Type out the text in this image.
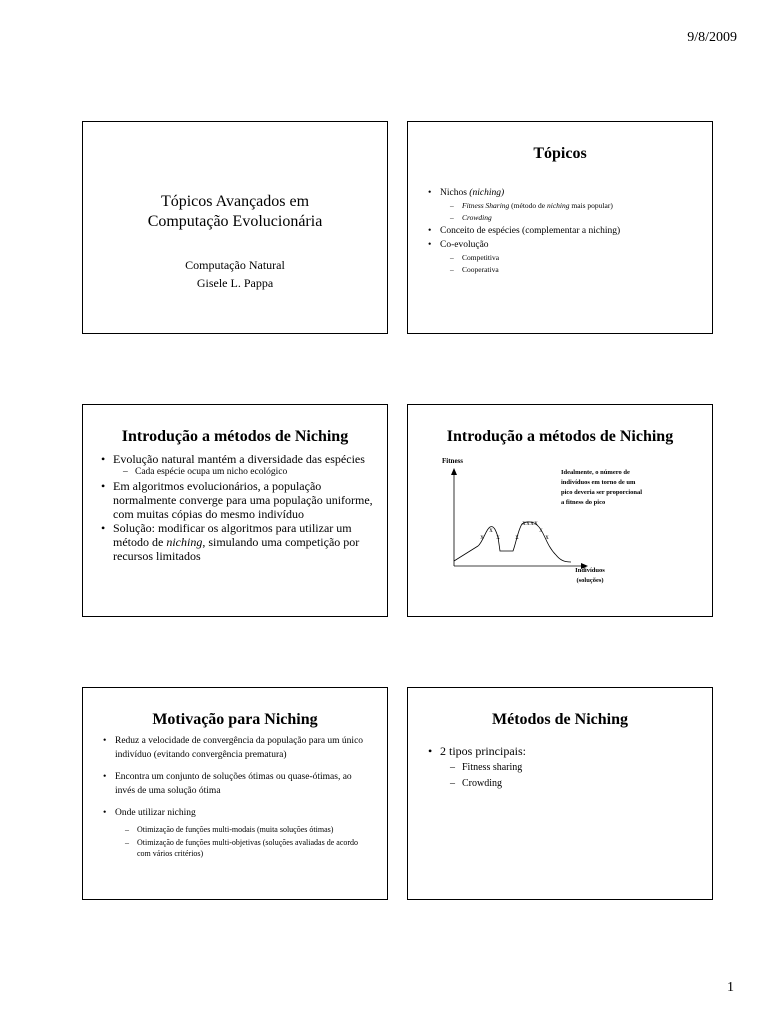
9/8/2009
Tópicos Avançados em
Computação Evolucionária
Computação Natural
Gisele L. Pappa
Tópicos
• Nichos (niching)
– Fitness Sharing (método de niching mais popular)
– Crowding
• Conceito de espécies (complementar a niching)
• Co-evolução
– Competitiva
– Cooperativa
Introdução a métodos de Niching
• Evolução natural mantém a diversidade das espécies
– Cada espécie ocupa um nicho ecológico
• Em algoritmos evolucionários, a população normalmente converge para uma população uniforme, com muitas cópias do mesmo indivíduo
• Solução: modificar os algoritmos para utilizar um método de niching, simulando uma competição por recursos limitados
Introdução a métodos de Niching
Fitness
x
x
x x
x x x x
x
x
Idealmente, o número de
indivíduos em torno de um
pico deveria ser proporcional
a fitness do pico
Indivíduos
(soluções)
Motivação para Niching
• Reduz a velocidade de convergência da população para um único indivíduo (evitando convergência prematura)
• Encontra um conjunto de soluções ótimas ou quase-ótimas, ao invés de uma solução ótima
• Onde utilizar niching
– Otimização de funções multi-modais (muita soluções ótimas)
– Otimização de funções multi-objetivas (soluções avaliadas de acordo com vários critérios)
Métodos de Niching
• 2 tipos principais:
– Fitness sharing
– Crowding
1
